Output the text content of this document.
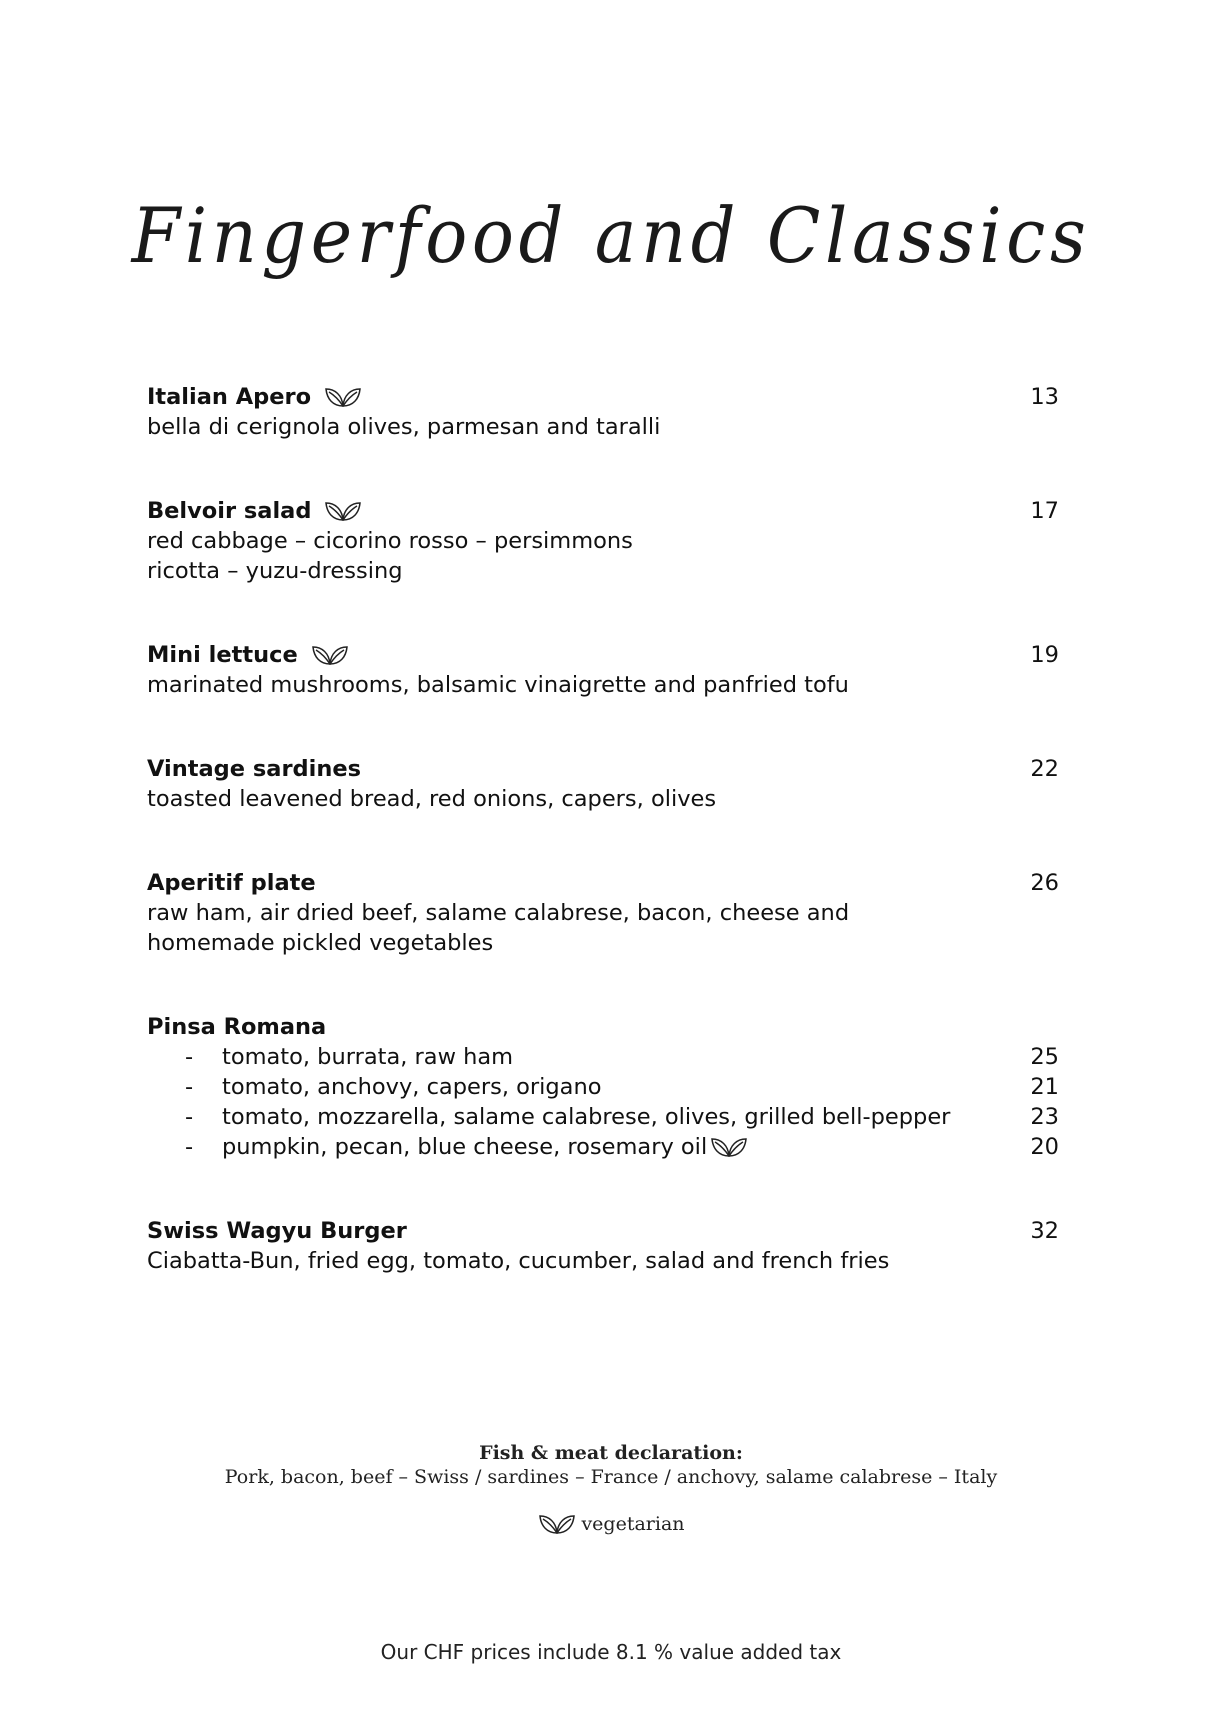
Fingerfood and Classics
Italian Apero	13
bella di cerignola olives, parmesan and taralli
Belvoir salad	17
red cabbage – cicorino rosso – persimmons
ricotta – yuzu-dressing
Mini lettuce	19
marinated mushrooms, balsamic vinaigrette and panfried tofu
Vintage sardines	22
toasted leavened bread, red onions, capers, olives
Aperitif plate	26
raw ham, air dried beef, salame calabrese, bacon, cheese and
homemade pickled vegetables
Pinsa Romana
-	tomato, burrata, raw ham	25
-	tomato, anchovy, capers, origano	21
-	tomato, mozzarella, salame calabrese, olives, grilled bell-pepper	23
-	pumpkin, pecan, blue cheese, rosemary oil	20
Swiss Wagyu Burger	32
Ciabatta-Bun, fried egg, tomato, cucumber, salad and french fries
Fish & meat declaration:
Pork, bacon, beef – Swiss / sardines – France / anchovy, salame calabrese – Italy
vegetarian
Our CHF prices include 8.1 % value added tax
